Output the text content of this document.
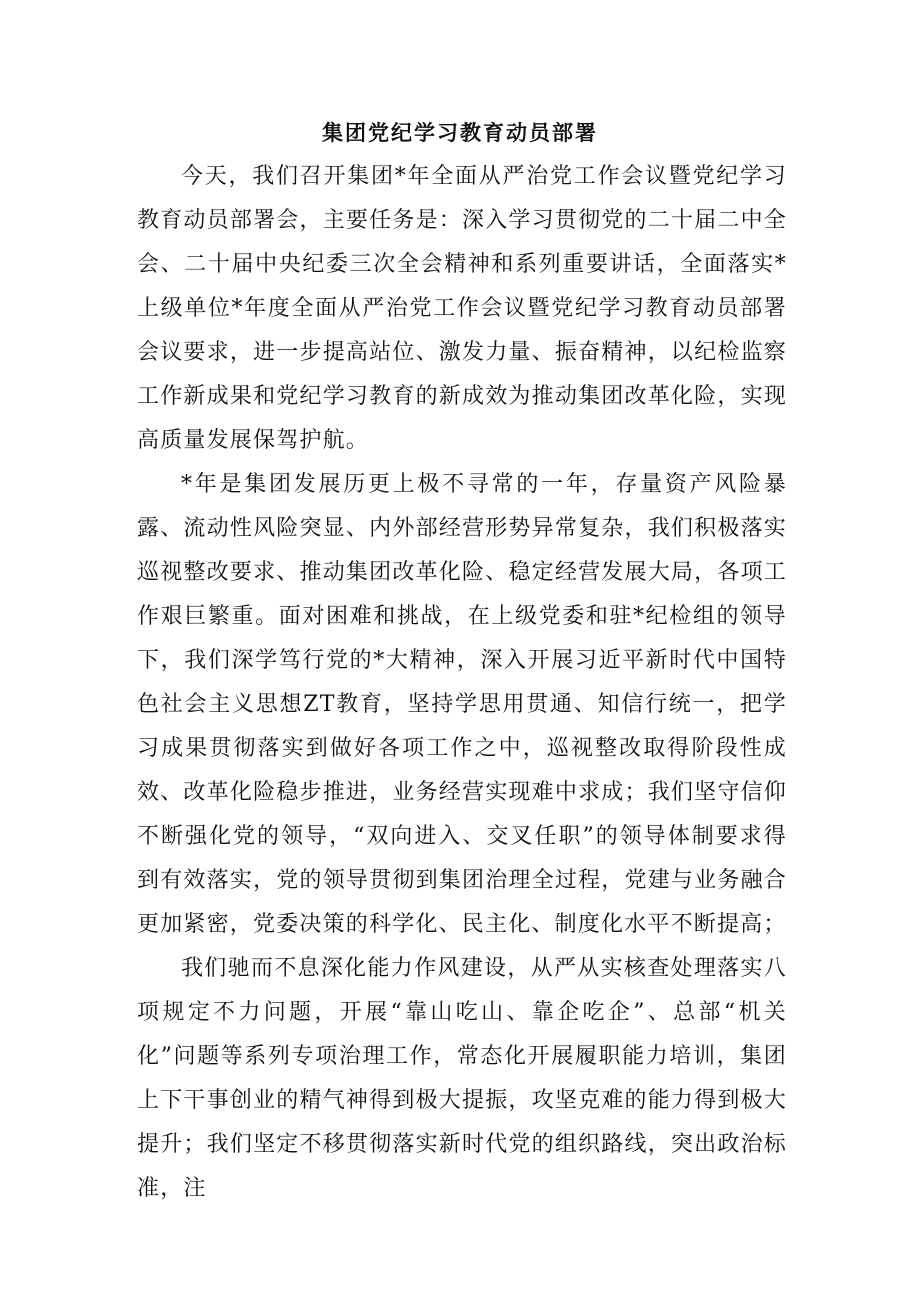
集团党纪学习教育动员部署

今天，我们召开集团*年全面从严治党工作会议暨党纪学习教育动员部署会，主要任务是：深入学习贯彻党的二十届二中全会、二十届中央纪委三次全会精神和系列重要讲话，全面落实*上级单位*年度全面从严治党工作会议暨党纪学习教育动员部署会议要求，进一步提高站位、激发力量、振奋精神，以纪检监察工作新成果和党纪学习教育的新成效为推动集团改革化险，实现高质量发展保驾护航。

*年是集团发展历更上极不寻常的一年，存量资产风险暴露、流动性风险突显、内外部经营形势异常复杂，我们积极落实巡视整改要求、推动集团改革化险、稳定经营发展大局，各项工作艰巨繁重。面对困难和挑战，在上级党委和驻*纪检组的领导下，我们深学笃行党的*大精神，深入开展习近平新时代中国特色社会主义思想ZT教育，坚持学思用贯通、知信行统一，把学习成果贯彻落实到做好各项工作之中，巡视整改取得阶段性成效、改革化险稳步推进，业务经营实现难中求成；我们坚守信仰不断强化党的领导，“双向进入、交叉任职”的领导体制要求得到有效落实，党的领导贯彻到集团治理全过程，党建与业务融合更加紧密，党委决策的科学化、民主化、制度化水平不断提高；

我们驰而不息深化能力作风建设，从严从实核查处理落实八项规定不力问题，开展“靠山吃山、靠企吃企”、总部“机关化”问题等系列专项治理工作，常态化开展履职能力培训，集团上下干事创业的精气神得到极大提振，攻坚克难的能力得到极大提升；我们坚定不移贯彻落实新时代党的组织路线，突出政治标准，注
